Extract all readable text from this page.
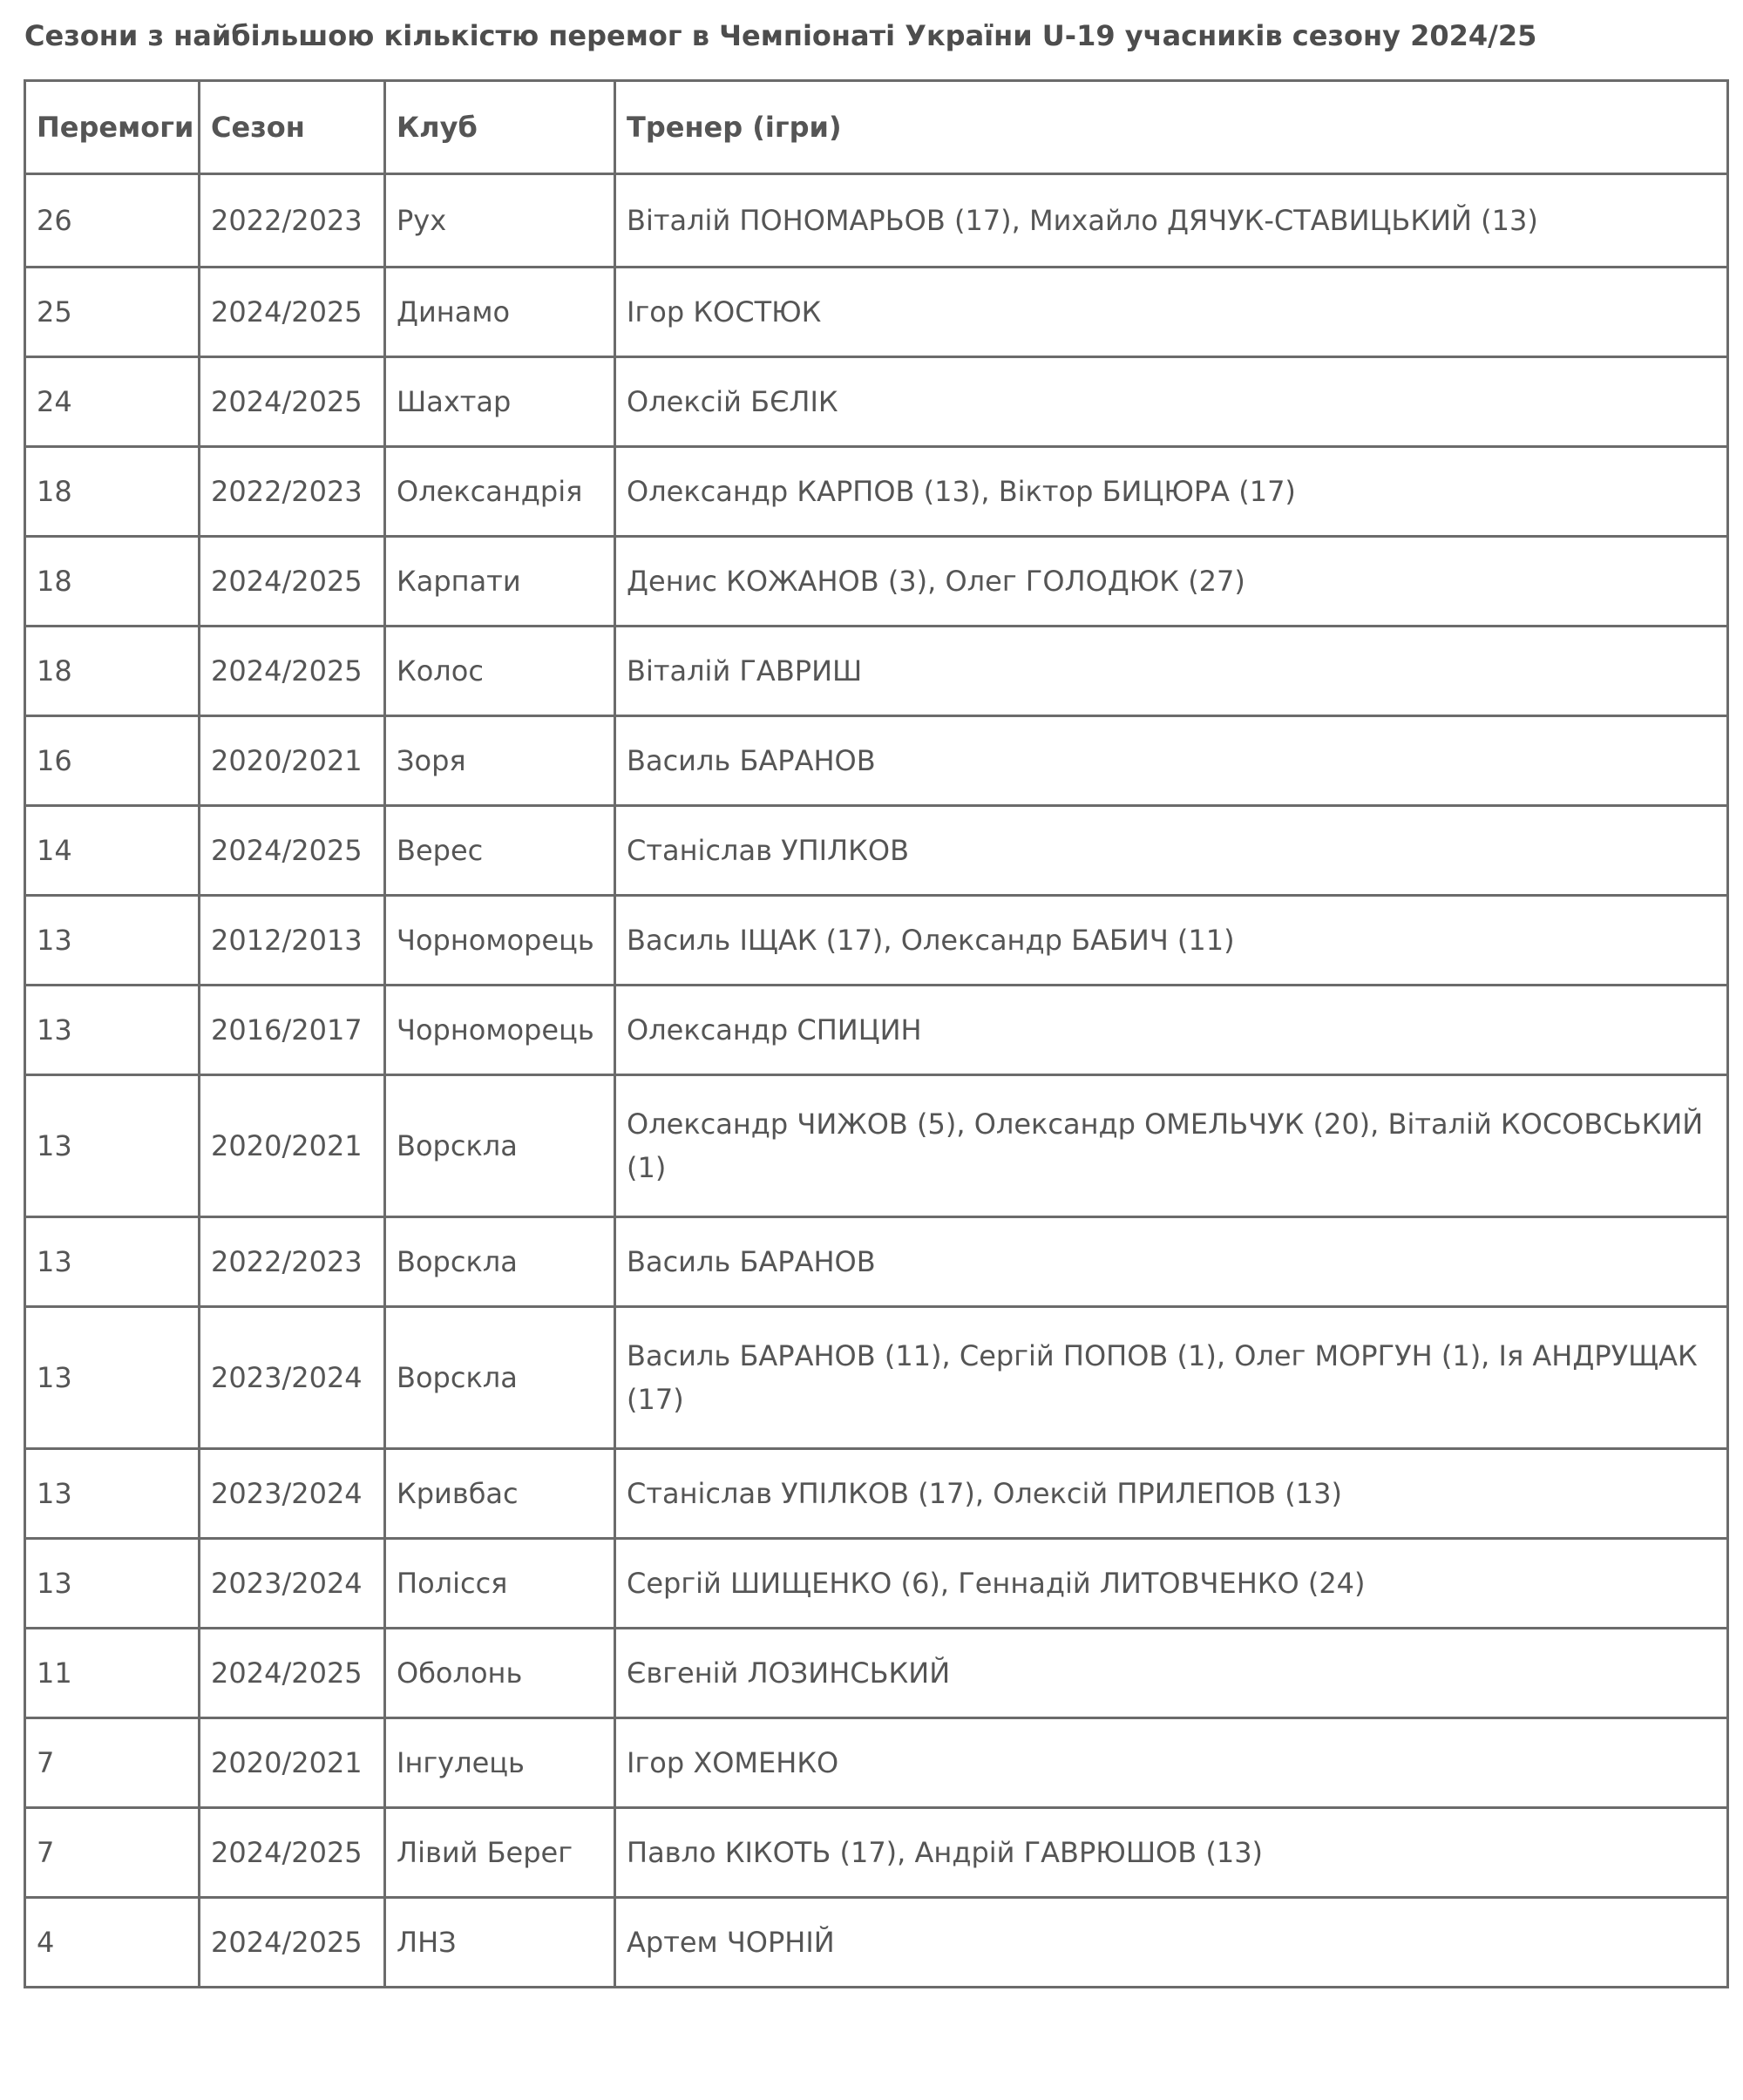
Сезони з найбільшою кількістю перемог в Чемпіонаті України U-19 учасників сезону 2024/25
Перемоги	Сезон	Клуб	Тренер (ігри)
26	2022/2023	Рух	Віталій ПОНОМАРЬОВ (17), Михайло ДЯЧУК-СТАВИЦЬКИЙ (13)
25	2024/2025	Динамо	Ігор КОСТЮК
24	2024/2025	Шахтар	Олексій БЄЛІК
18	2022/2023	Олександрія	Олександр КАРПОВ (13), Віктор БИЦЮРА (17)
18	2024/2025	Карпати	Денис КОЖАНОВ (3), Олег ГОЛОДЮК (27)
18	2024/2025	Колос	Віталій ГАВРИШ
16	2020/2021	Зоря	Василь БАРАНОВ
14	2024/2025	Верес	Станіслав УПІЛКОВ
13	2012/2013	Чорноморець	Василь ІЩАК (17), Олександр БАБИЧ (11)
13	2016/2017	Чорноморець	Олександр СПИЦИН
13	2020/2021	Ворскла	Олександр ЧИЖОВ (5), Олександр ОМЕЛЬЧУК (20), Віталій КОСОВСЬКИЙ (1)
13	2022/2023	Ворскла	Василь БАРАНОВ
13	2023/2024	Ворскла	Василь БАРАНОВ (11), Сергій ПОПОВ (1), Олег МОРГУН (1), Ія АНДРУЩАК (17)
13	2023/2024	Кривбас	Станіслав УПІЛКОВ (17), Олексій ПРИЛЕПОВ (13)
13	2023/2024	Полісся	Сергій ШИЩЕНКО (6), Геннадій ЛИТОВЧЕНКО (24)
11	2024/2025	Оболонь	Євгеній ЛОЗИНСЬКИЙ
7	2020/2021	Інгулець	Ігор ХОМЕНКО
7	2024/2025	Лівий Берег	Павло КІКОТЬ (17), Андрій ГАВРЮШОВ (13)
4	2024/2025	ЛНЗ	Артем ЧОРНІЙ
